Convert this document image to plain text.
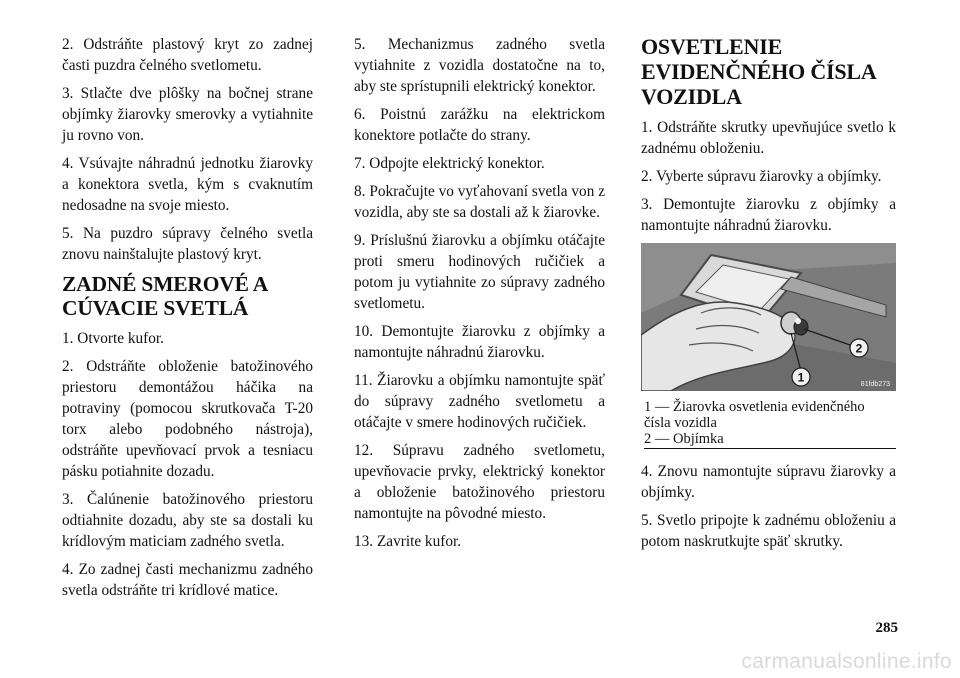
2. Odstráňte plastový kryt zo zadnej časti puzdra čelného svetlometu.

3. Stlačte dve plôšky na bočnej strane objímky žiarovky smerovky a vytiahnite ju rovno von.

4. Vsúvajte náhradnú jednotku žiarovky a konektora svetla, kým s cvaknutím nedosadne na svoje miesto.

5. Na puzdro súpravy čelného svetla znovu nainštalujte plastový kryt.

ZADNÉ SMEROVÉ A CÚVACIE SVETLÁ

1. Otvorte kufor.

2. Odstráňte obloženie batožinového priestoru demontážou háčika na potraviny (pomocou skrutkovača T-20 torx alebo podobného nástroja), odstráňte upevňovací prvok a tesniacu pásku potiahnite dozadu.

3. Čalúnenie batožinového priestoru odtiahnite dozadu, aby ste sa dostali ku krídlovým maticiam zadného svetla.

4. Zo zadnej časti mechanizmu zadného svetla odstráňte tri krídlové matice.

5. Mechanizmus zadného svetla vytiahnite z vozidla dostatočne na to, aby ste sprístupnili elektrický konektor.

6. Poistnú zarážku na elektrickom konektore potlačte do strany.

7. Odpojte elektrický konektor.

8. Pokračujte vo vyťahovaní svetla von z vozidla, aby ste sa dostali až k žiarovke.

9. Príslušnú žiarovku a objímku otáčajte proti smeru hodinových ručičiek a potom ju vytiahnite zo súpravy zadného svetlometu.

10. Demontujte žiarovku z objímky a namontujte náhradnú žiarovku.

11. Žiarovku a objímku namontujte späť do súpravy zadného svetlometu a otáčajte v smere hodinových ručičiek.

12. Súpravu zadného svetlometu, upevňovacie prvky, elektrický konektor a obloženie batožinového priestoru namontujte na pôvodné miesto.

13. Zavrite kufor.

OSVETLENIE EVIDENČNÉHO ČÍSLA VOZIDLA

1. Odstráňte skrutky upevňujúce svetlo k zadnému obloženiu.

2. Vyberte súpravu žiarovky a objímky.

3. Demontujte žiarovku z objímky a namontujte náhradnú žiarovku.

2
1	81fdb273
1 — Žiarovka osvetlenia evidenčného
čísla vozidla
2 — Objímka

4. Znovu namontujte súpravu žiarovky a objímky.

5. Svetlo pripojte k zadnému obloženiu a potom naskrutkujte späť skrutky.

285
carmanualsonline.info
